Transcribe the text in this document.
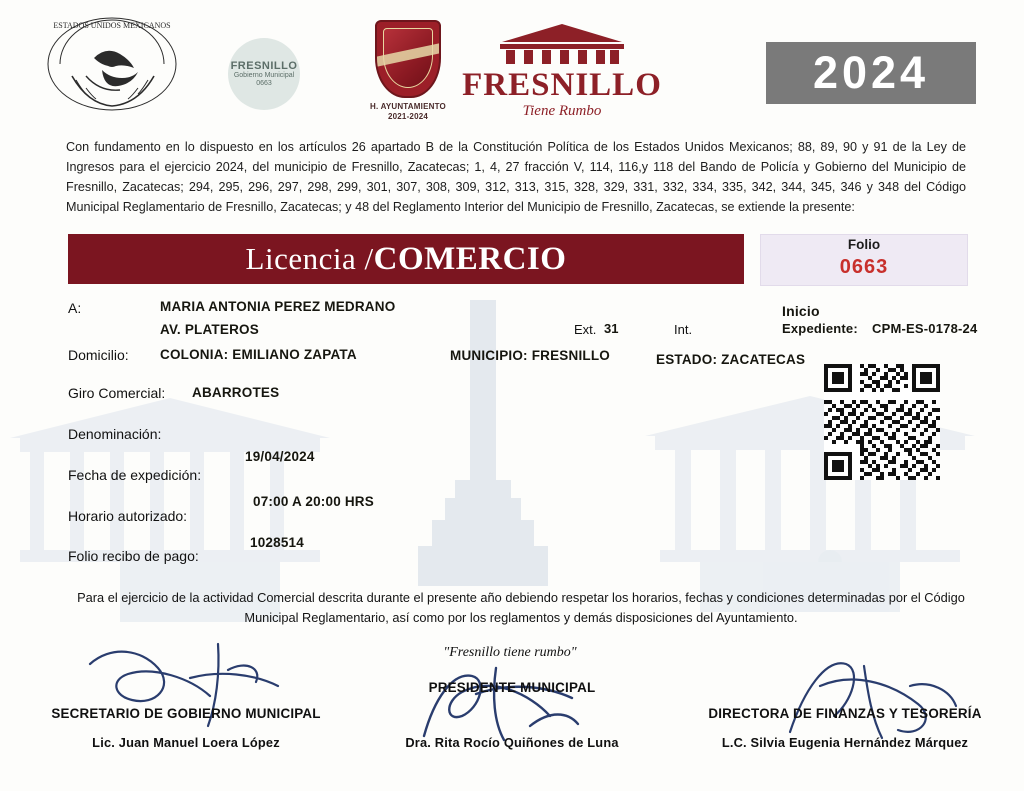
ESTADOS UNIDOS MEXICANOS
FRESNILLO
Gobierno Municipal
0663
H. AYUNTAMIENTO
2021-2024
FRESNILLO
Tiene Rumbo
2024
Con fundamento en lo dispuesto en los artículos 26 apartado B de la Constitución Política de los Estados Unidos Mexicanos; 88, 89, 90 y 91 de la Ley de Ingresos para el ejercicio 2024, del municipio de Fresnillo, Zacatecas; 1, 4, 27 fracción V, 114, 116,y 118 del Bando de Policía y Gobierno del Municipio de Fresnillo, Zacatecas; 294, 295, 296, 297, 298, 299, 301, 307, 308, 309, 312, 313, 315, 328, 329, 331, 332, 334, 335, 342, 344, 345, 346 y 348 del Código Municipal Reglamentario de Fresnillo, Zacatecas; y 48 del Reglamento Interior del Municipio de Fresnillo, Zacatecas, se extiende la presente:
Licencia / COMERCIO	Folio
0663
A:	MARIA ANTONIA PEREZ MEDRANO
AV. PLATEROS	Ext. 31	Int.
Domicilio: COLONIA: EMILIANO ZAPATA	MUNICIPIO: FRESNILLO	ESTADO: ZACATECAS
Giro Comercial: ABARROTES
Denominación:
Fecha de expedición:
19/04/2024
Horario autorizado:
07:00 A 20:00 HRS
Folio recibo de pago:
1028514
Inicio
Expediente: CPM-ES-0178-24
Para el ejercicio de la actividad Comercial descrita durante el presente año debiendo respetar los horarios, fechas y condiciones determinadas por el Código Municipal Reglamentario, así como por los reglamentos y demás disposiciones del Ayuntamiento.
"Fresnillo tiene rumbo"
SECRETARIO DE GOBIERNO MUNICIPAL
Lic. Juan Manuel Loera López
PRESIDENTE MUNICIPAL
Dra. Rita Rocío Quiñones de Luna
DIRECTORA DE FINANZAS Y TESORERÍA
L.C. Silvia Eugenia Hernández Márquez
